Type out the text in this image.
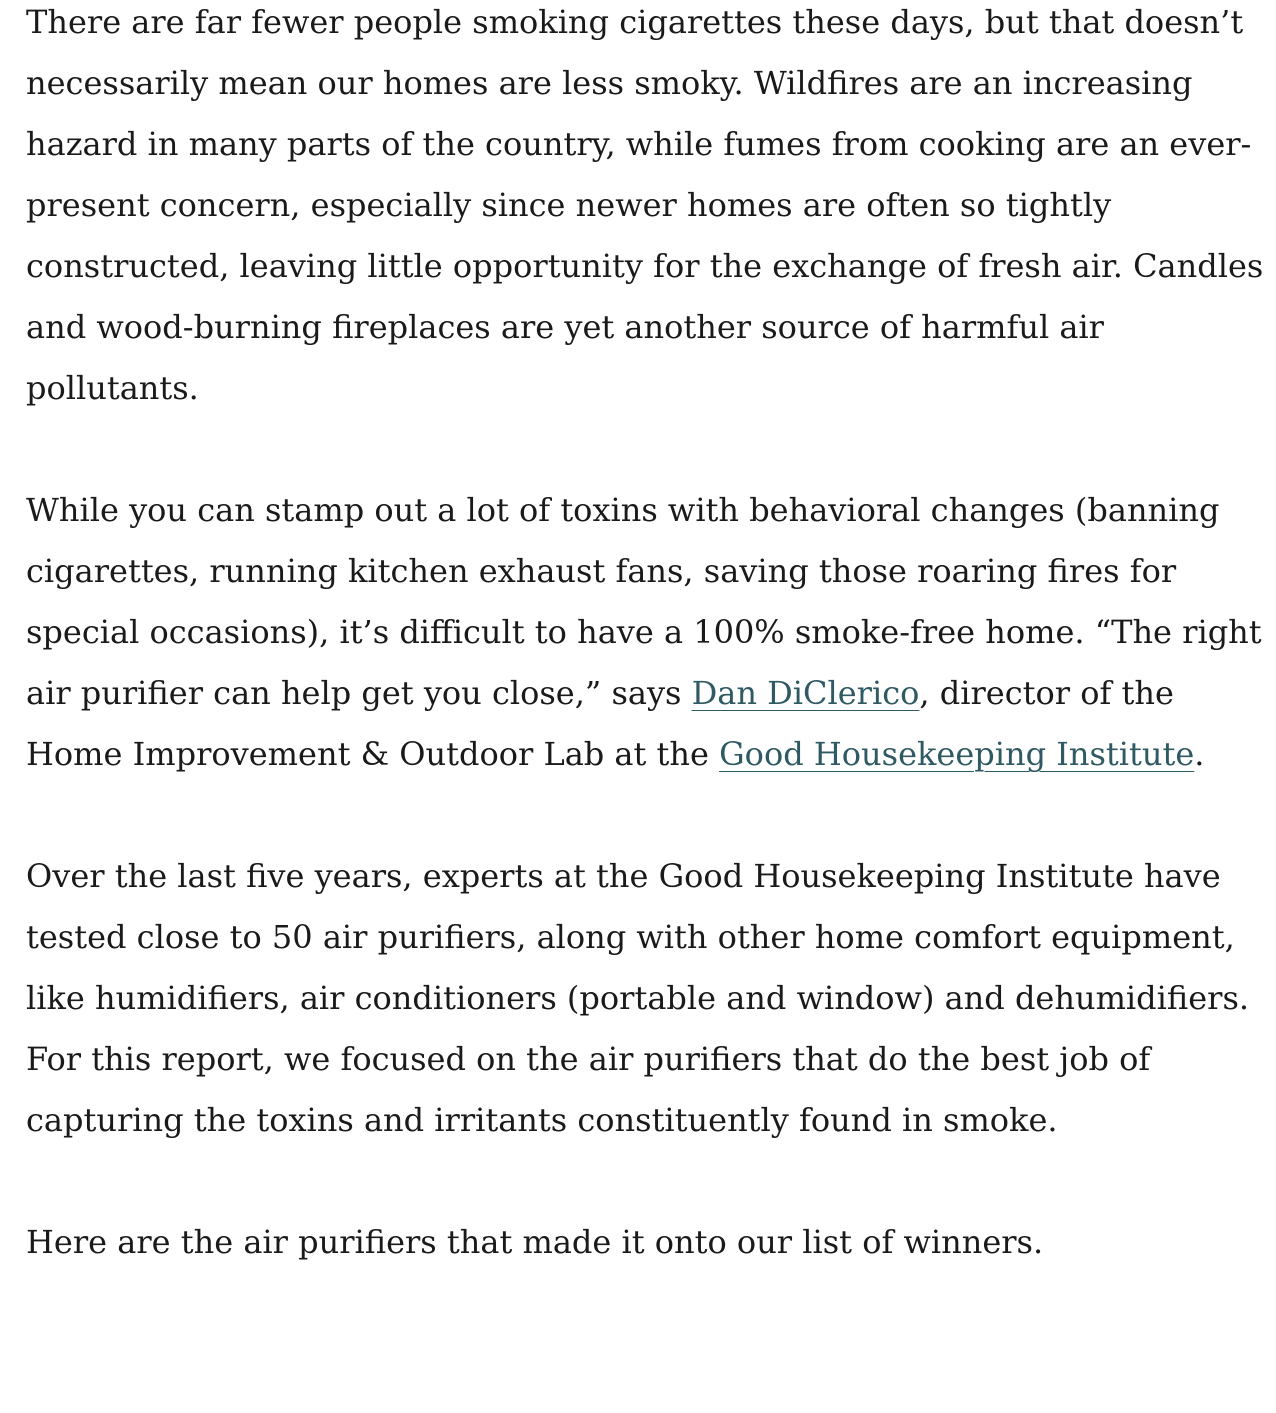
There are far fewer people smoking cigarettes these days, but that doesn’t necessarily mean our homes are less smoky. Wildfires are an increasing hazard in many parts of the country, while fumes from cooking are an ever-present concern, especially since newer homes are often so tightly constructed, leaving little opportunity for the exchange of fresh air. Candles and wood-burning fireplaces are yet another source of harmful air pollutants.

While you can stamp out a lot of toxins with behavioral changes (banning cigarettes, running kitchen exhaust fans, saving those roaring fires for special occasions), it’s difficult to have a 100% smoke-free home. “The right air purifier can help get you close,” says Dan DiClerico, director of the Home Improvement & Outdoor Lab at the Good Housekeeping Institute.

Over the last five years, experts at the Good Housekeeping Institute have tested close to 50 air purifiers, along with other home comfort equipment, like humidifiers, air conditioners (portable and window) and dehumidifiers. For this report, we focused on the air purifiers that do the best job of capturing the toxins and irritants constituently found in smoke.

Here are the air purifiers that made it onto our list of winners.
